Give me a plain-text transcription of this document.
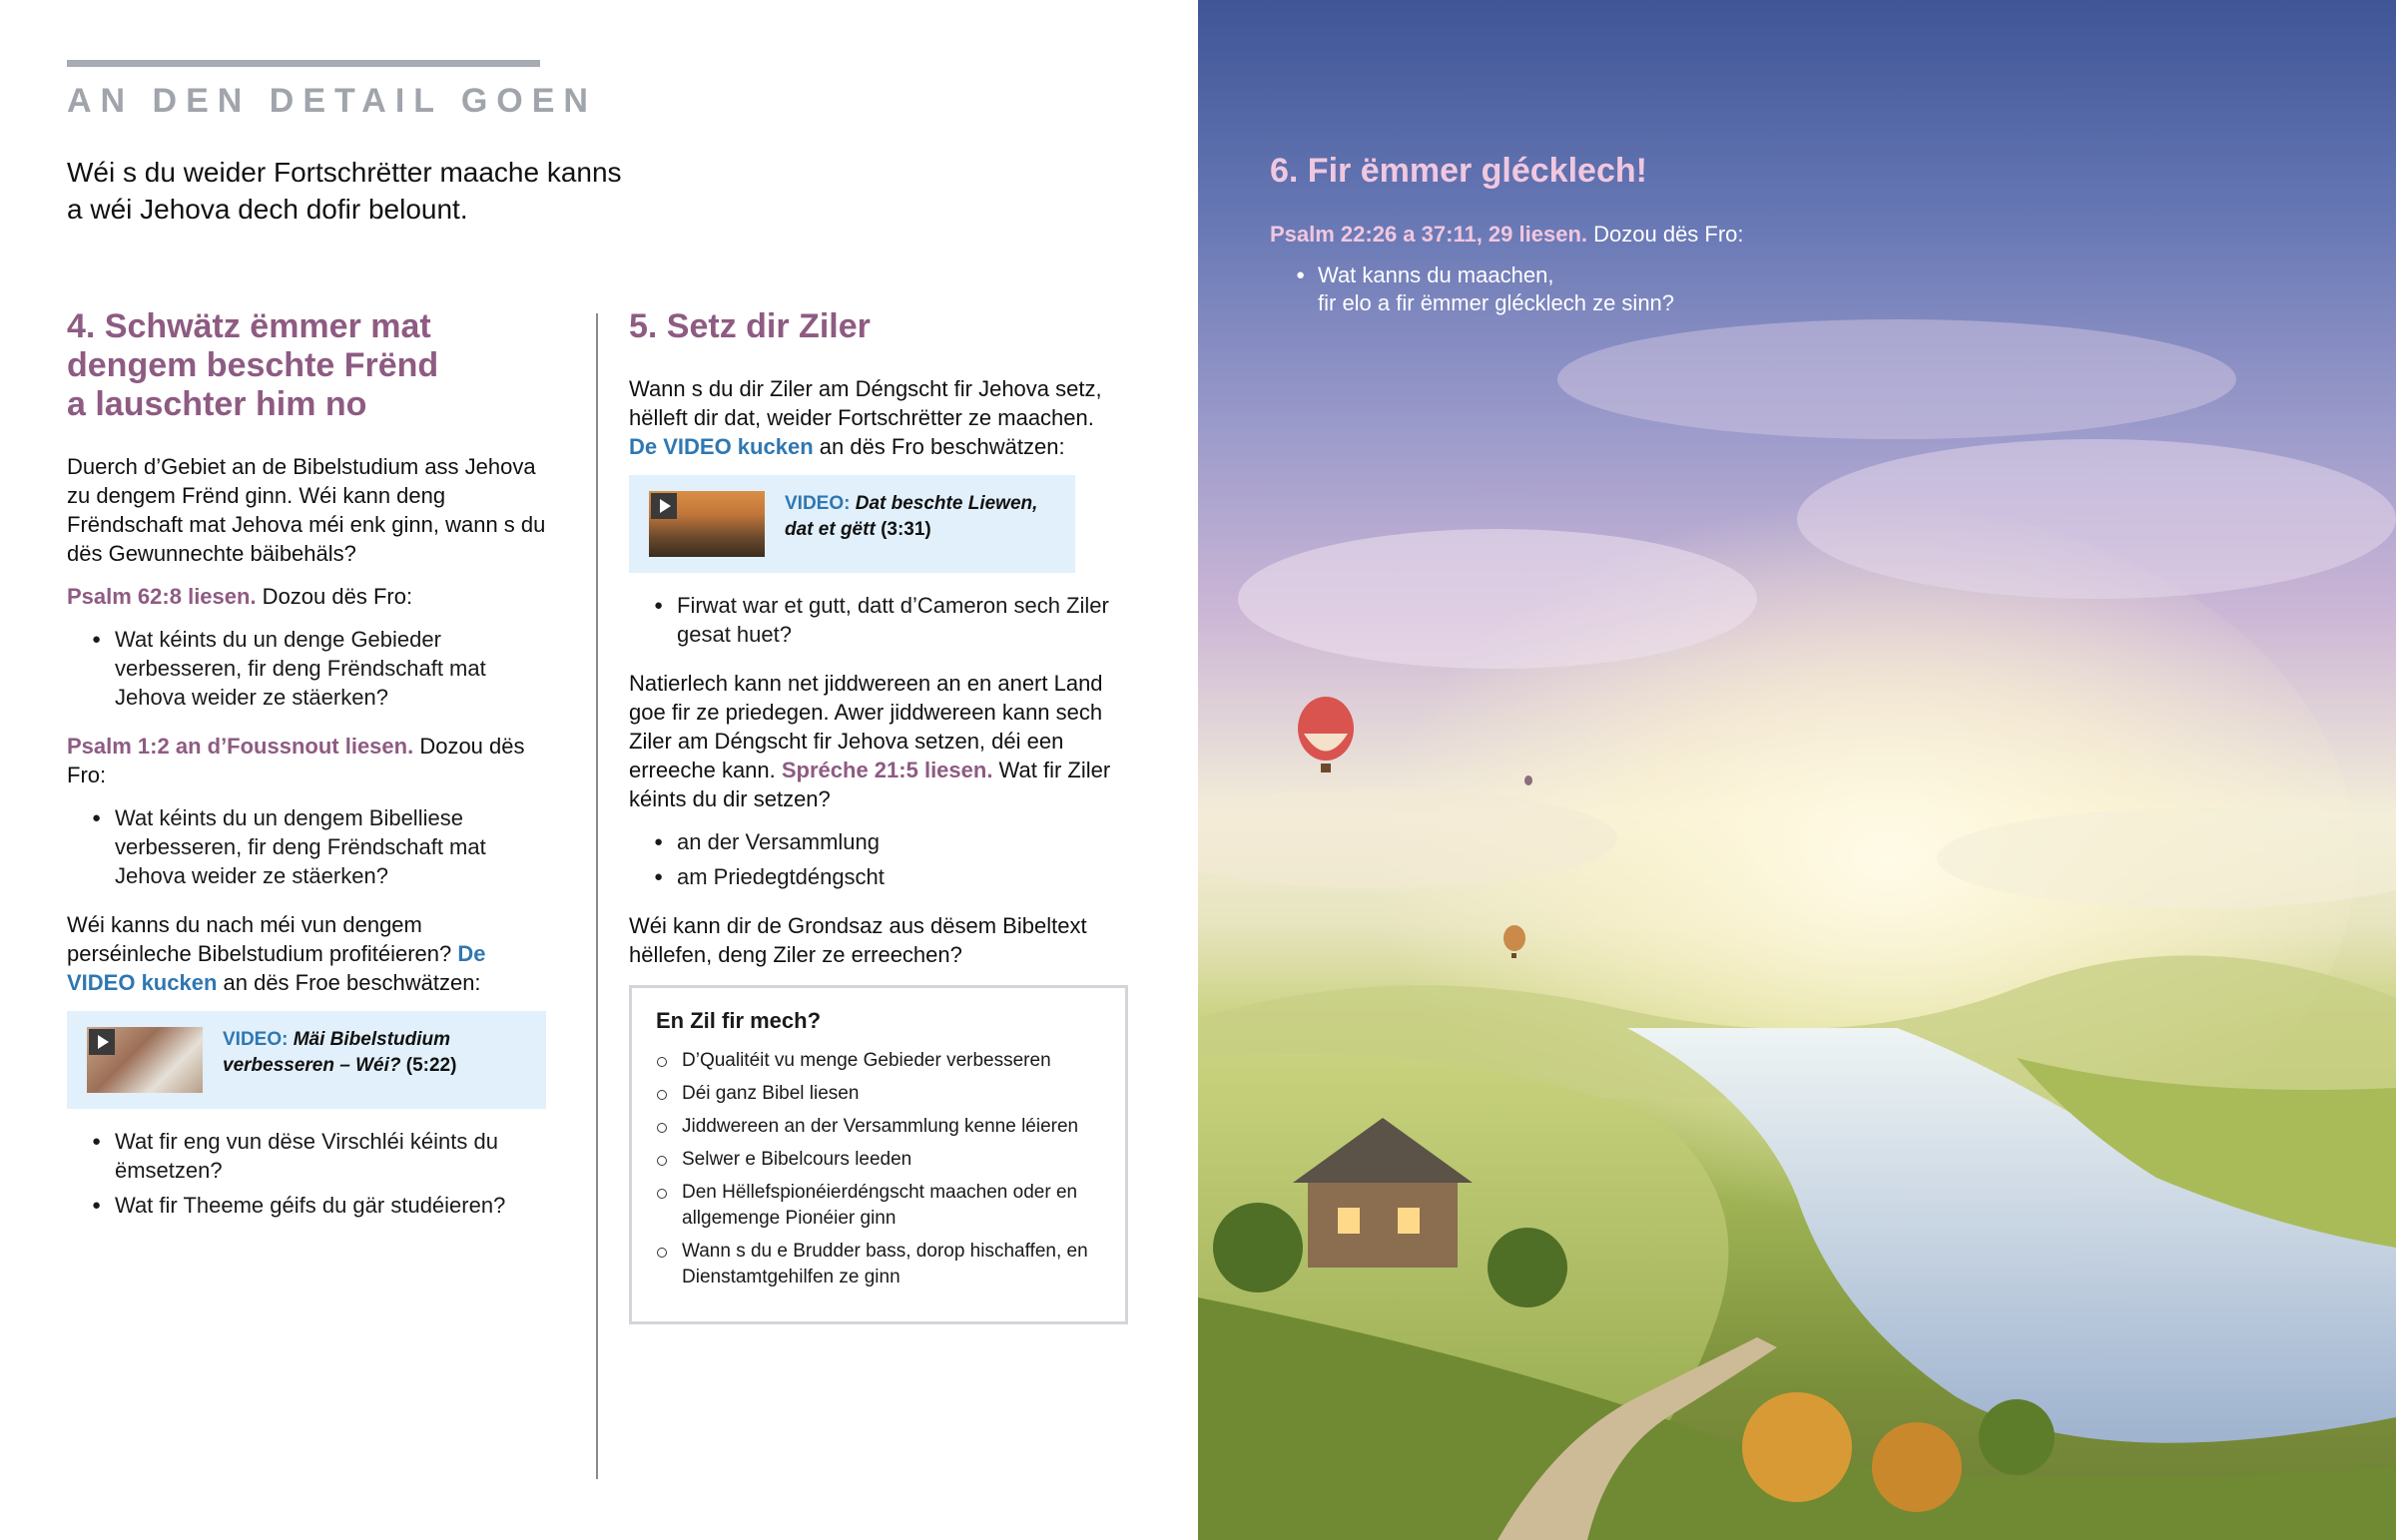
AN DEN DETAIL GOEN
Wéi s du weider Fortschrëtter maache kanns
a wéi Jehova dech dofir belount.
4. Schwätz ëmmer mat
dengem beschte Frënd
a lauschter him no

Duerch d’Gebiet an de Bibelstudium ass Jehova zu dengem Frënd ginn. Wéi kann deng Frëndschaft mat Jehova méi enk ginn, wann s du dës Gewunnechte bäibehäls?

Psalm 62:8 liesen. Dozou dës Fro:

● Wat kéints du un denge Gebieder verbesseren, fir deng Frëndschaft mat Jehova weider ze stäerken?

Psalm 1:2 an d’Foussnout liesen. Dozou dës Fro:

● Wat kéints du un dengem Bibelliese verbesseren, fir deng Frëndschaft mat Jehova weider ze stäerken?

Wéi kanns du nach méi vun dengem perséinleche Bibelstudium profitéieren? De VIDEO kucken an dës Froe beschwätzen:

VIDEO: Mäi Bibelstudium verbesseren – Wéi? (5:22)
● Wat fir eng vun dëse Virschléi kéints du ëmsetzen?
● Wat fir Theeme géifs du gär studéieren?
5. Setz dir Ziler

Wann s du dir Ziler am Déngscht fir Jehova setz, hëlleft dir dat, weider Fortschrëtter ze maachen. De VIDEO kucken an dës Fro beschwätzen:

VIDEO: Dat beschte Liewen, dat et gëtt (3:31)
● Firwat war et gutt, datt d’Cameron sech Ziler gesat huet?

Natierlech kann net jiddwereen an en anert Land goe fir ze priedegen. Awer jiddwereen kann sech Ziler am Déngscht fir Jehova setzen, déi een erreeche kann. Spréche 21:5 liesen. Wat fir Ziler kéints du dir setzen?

● an der Versammlung
● am Priedegtdéngscht

Wéi kann dir de Grondsaz aus dësem Bibeltext hëllefen, deng Ziler ze erreechen?

En Zil fir mech?
D’Qualitéit vu menge Gebieder verbesseren
Déi ganz Bibel liesen
Jiddwereen an der Versammlung kenne léieren
Selwer e Bibelcours leeden
Den Hëllefspionéierdéngscht maachen oder en allgemenge Pionéier ginn
Wann s du e Brudder bass, dorop hischaffen, en Dienstamtgehilfen ze ginn
6. Fir ëmmer glécklech!
Psalm 22:26 a 37:11, 29 liesen. Dozou dës Fro:
● Wat kanns du maachen,
fir elo a fir ëmmer glécklech ze sinn?
